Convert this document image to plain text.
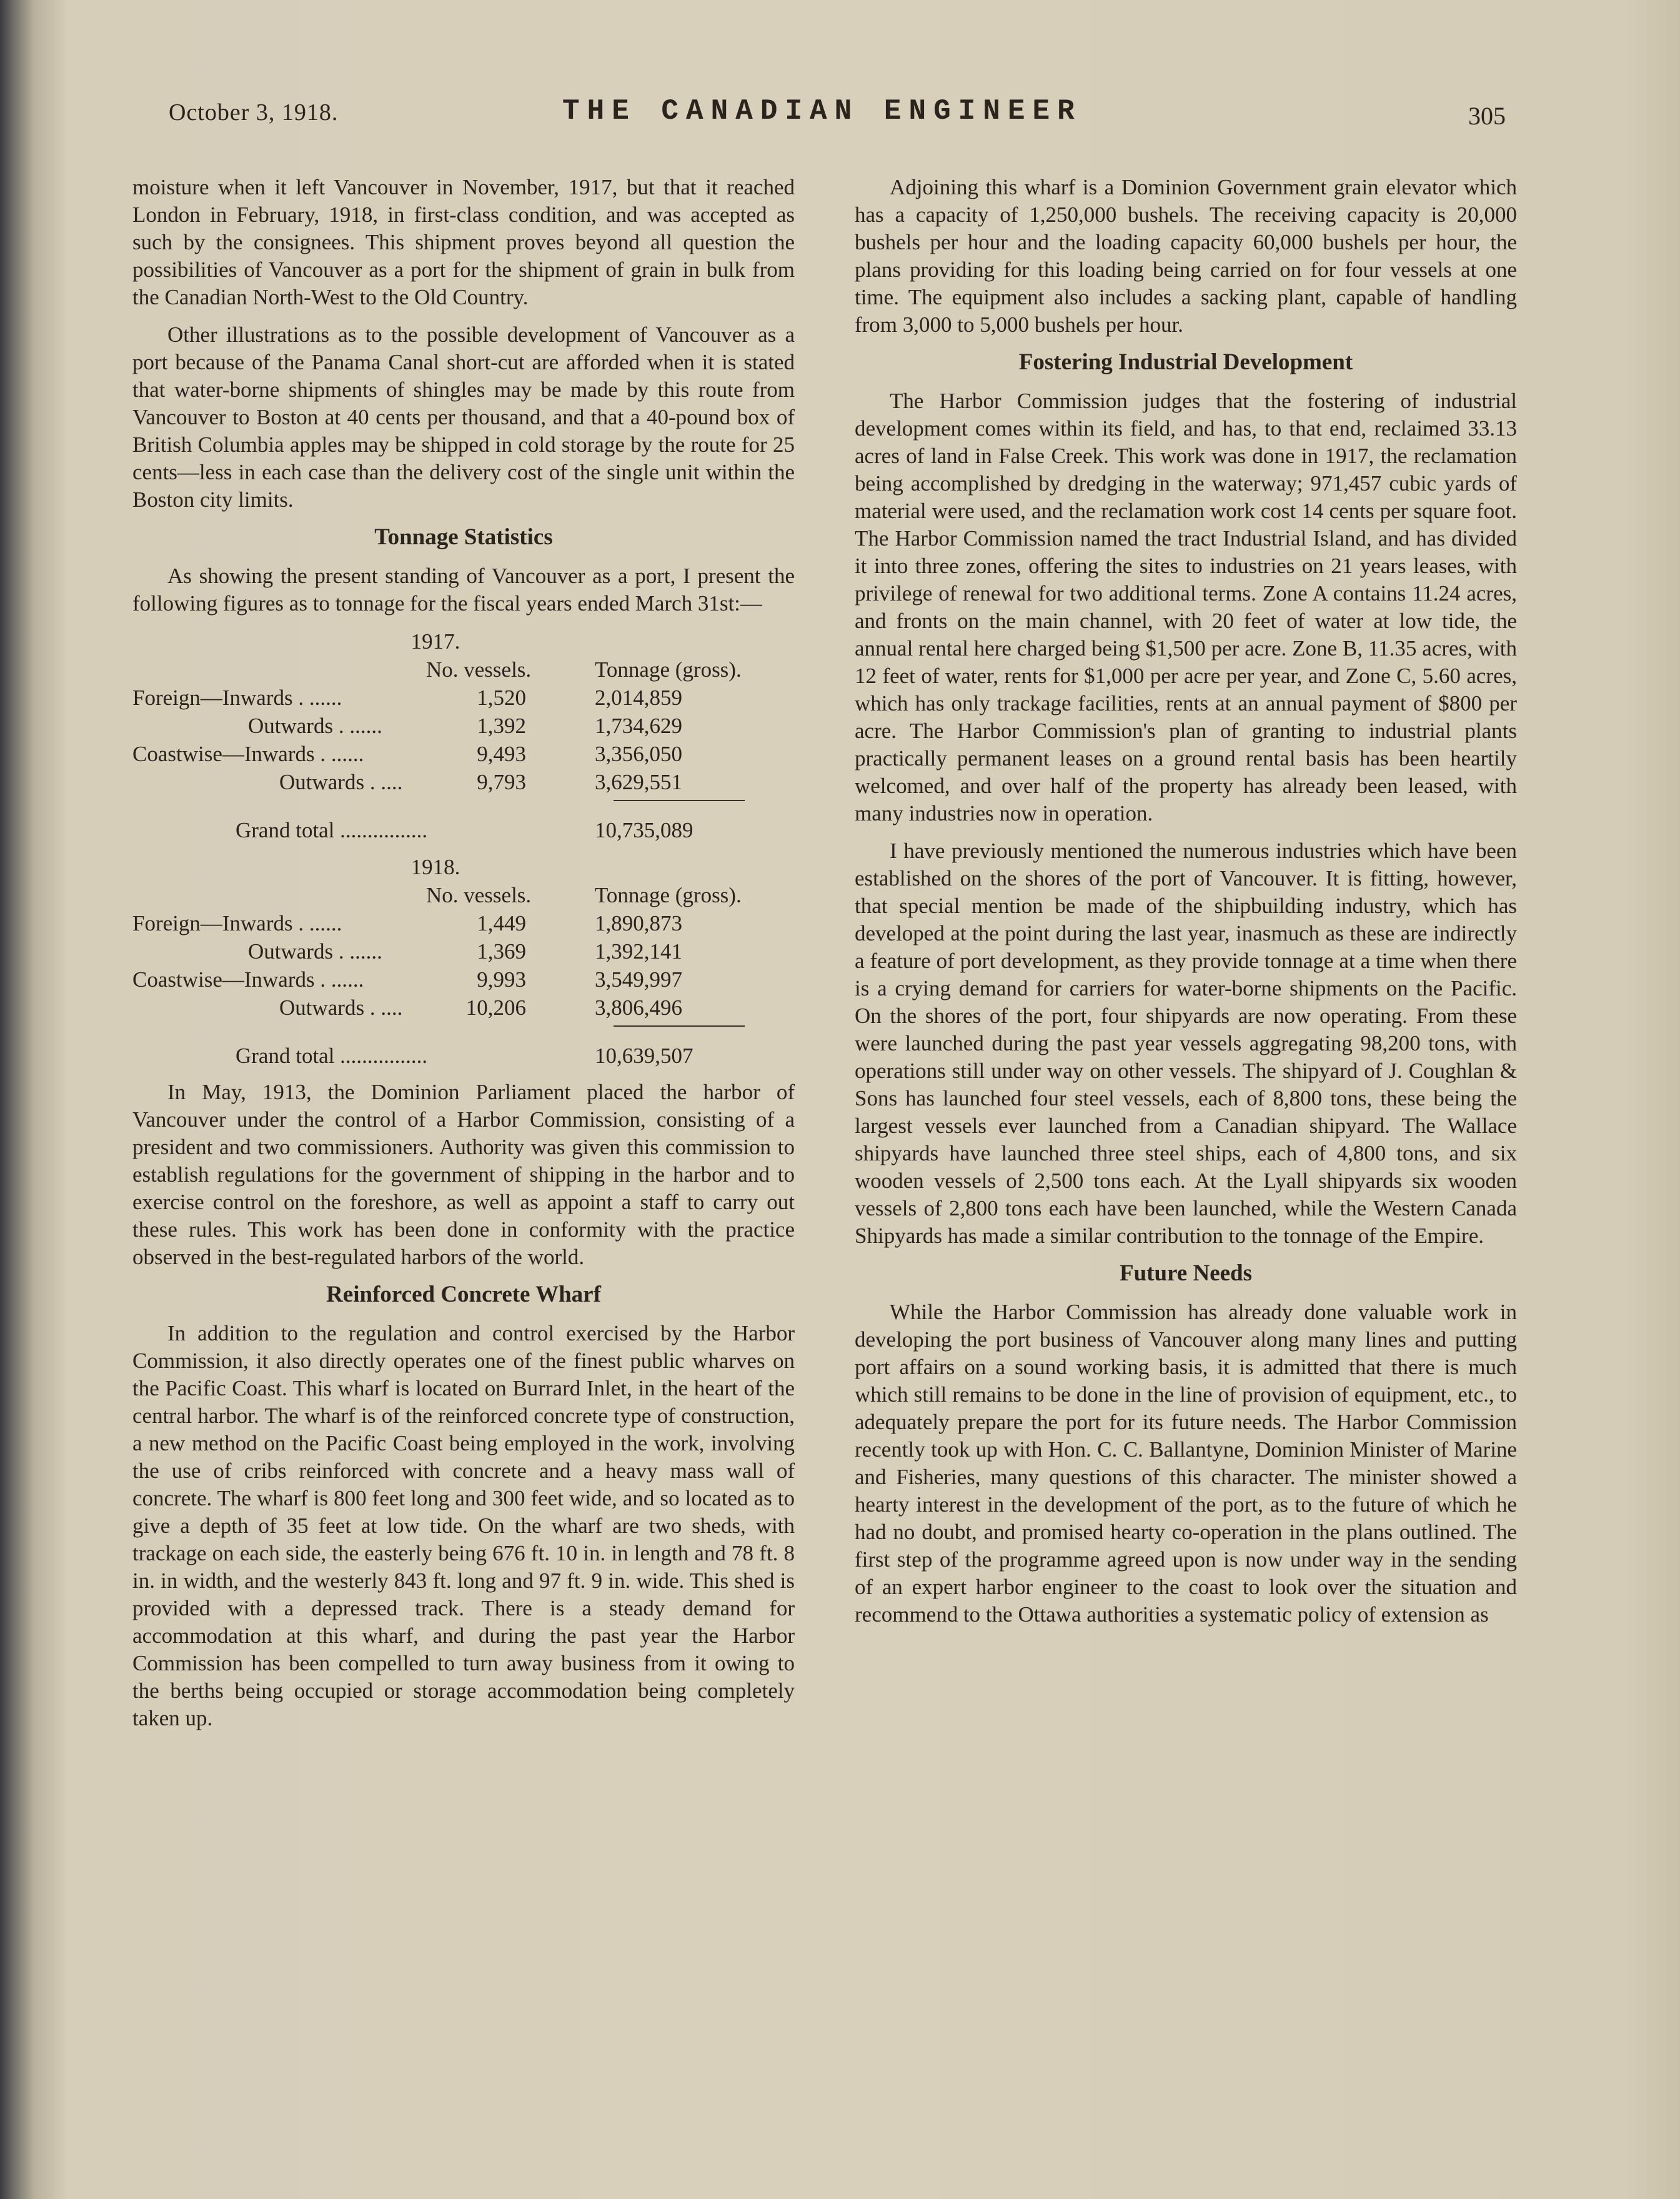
October 3, 1918.	THE CANADIAN ENGINEER	305

moisture when it left Vancouver in November, 1917, but that it reached London in February, 1918, in first-class condition, and was accepted as such by the consignees. This shipment proves beyond all question the possibilities of Vancouver as a port for the shipment of grain in bulk from the Canadian North-West to the Old Country.

Other illustrations as to the possible development of Vancouver as a port because of the Panama Canal short-cut are afforded when it is stated that water-borne shipments of shingles may be made by this route from Vancouver to Boston at 40 cents per thousand, and that a 40-pound box of British Columbia apples may be shipped in cold storage by the route for 25 cents—less in each case than the delivery cost of the single unit within the Boston city limits.

Tonnage Statistics

As showing the present standing of Vancouver as a port, I present the following figures as to tonnage for the fiscal years ended March 31st:—

1917.
No. vessels.	Tonnage (gross).
Foreign—Inwards . ......	1,520	2,014,859
Outwards . ......	1,392	1,734,629
Coastwise—Inwards . ......	9,493	3,356,050
Outwards . ....	9,793	3,629,551
Grand total ................	10,735,089
1918.
No. vessels.	Tonnage (gross).
Foreign—Inwards . ......	1,449	1,890,873
Outwards . ......	1,369	1,392,141
Coastwise—Inwards . ......	9,993	3,549,997
Outwards . ....	10,206	3,806,496
Grand total ................	10,639,507

In May, 1913, the Dominion Parliament placed the harbor of Vancouver under the control of a Harbor Commission, consisting of a president and two commissioners. Authority was given this commission to establish regulations for the government of shipping in the harbor and to exercise control on the foreshore, as well as appoint a staff to carry out these rules. This work has been done in conformity with the practice observed in the best-regulated harbors of the world.

Reinforced Concrete Wharf

In addition to the regulation and control exercised by the Harbor Commission, it also directly operates one of the finest public wharves on the Pacific Coast. This wharf is located on Burrard Inlet, in the heart of the central harbor. The wharf is of the reinforced concrete type of construction, a new method on the Pacific Coast being employed in the work, involving the use of cribs reinforced with concrete and a heavy mass wall of concrete. The wharf is 800 feet long and 300 feet wide, and so located as to give a depth of 35 feet at low tide. On the wharf are two sheds, with trackage on each side, the easterly being 676 ft. 10 in. in length and 78 ft. 8 in. in width, and the westerly 843 ft. long and 97 ft. 9 in. wide. This shed is provided with a depressed track. There is a steady demand for accommodation at this wharf, and during the past year the Harbor Commission has been compelled to turn away business from it owing to the berths being occupied or storage accommodation being completely taken up.

Adjoining this wharf is a Dominion Government grain elevator which has a capacity of 1,250,000 bushels. The receiving capacity is 20,000 bushels per hour and the loading capacity 60,000 bushels per hour, the plans providing for this loading being carried on for four vessels at one time. The equipment also includes a sacking plant, capable of handling from 3,000 to 5,000 bushels per hour.

Fostering Industrial Development

The Harbor Commission judges that the fostering of industrial development comes within its field, and has, to that end, reclaimed 33.13 acres of land in False Creek. This work was done in 1917, the reclamation being accomplished by dredging in the waterway; 971,457 cubic yards of material were used, and the reclamation work cost 14 cents per square foot. The Harbor Commission named the tract Industrial Island, and has divided it into three zones, offering the sites to industries on 21 years leases, with privilege of renewal for two additional terms. Zone A contains 11.24 acres, and fronts on the main channel, with 20 feet of water at low tide, the annual rental here charged being $1,500 per acre. Zone B, 11.35 acres, with 12 feet of water, rents for $1,000 per acre per year, and Zone C, 5.60 acres, which has only trackage facilities, rents at an annual payment of $800 per acre. The Harbor Commission's plan of granting to industrial plants practically permanent leases on a ground rental basis has been heartily welcomed, and over half of the property has already been leased, with many industries now in operation.

I have previously mentioned the numerous industries which have been established on the shores of the port of Vancouver. It is fitting, however, that special mention be made of the shipbuilding industry, which has developed at the point during the last year, inasmuch as these are indirectly a feature of port development, as they provide tonnage at a time when there is a crying demand for carriers for water-borne shipments on the Pacific. On the shores of the port, four shipyards are now operating. From these were launched during the past year vessels aggregating 98,200 tons, with operations still under way on other vessels. The shipyard of J. Coughlan & Sons has launched four steel vessels, each of 8,800 tons, these being the largest vessels ever launched from a Canadian shipyard. The Wallace shipyards have launched three steel ships, each of 4,800 tons, and six wooden vessels of 2,500 tons each. At the Lyall shipyards six wooden vessels of 2,800 tons each have been launched, while the Western Canada Shipyards has made a similar contribution to the tonnage of the Empire.

Future Needs

While the Harbor Commission has already done valuable work in developing the port business of Vancouver along many lines and putting port affairs on a sound working basis, it is admitted that there is much which still remains to be done in the line of provision of equipment, etc., to adequately prepare the port for its future needs. The Harbor Commission recently took up with Hon. C. C. Ballantyne, Dominion Minister of Marine and Fisheries, many questions of this character. The minister showed a hearty interest in the development of the port, as to the future of which he had no doubt, and promised hearty co-operation in the plans outlined. The first step of the programme agreed upon is now under way in the sending of an expert harbor engineer to the coast to look over the situation and recommend to the Ottawa authorities a systematic policy of extension as
